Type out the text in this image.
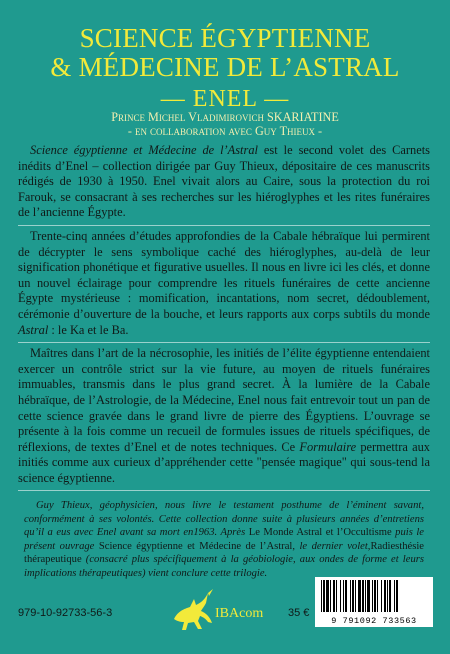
SCIENCE ÉGYPTIENNE
& MÉDECINE DE L’ASTRAL
— ENEL —
Prince Michel Vladimirovich SKARIATINE
- en collaboration avec Guy Thieux -

Science égyptienne et Médecine de l’Astral est le second volet des Carnets inédits d’Enel – collection dirigée par Guy Thieux, dépositaire de ces manuscrits rédigés de 1930 à 1950. Enel vivait alors au Caire, sous la protection du roi Farouk, se consacrant à ses recherches sur les hiéroglyphes et les rites funéraires de l’ancienne Égypte.

Trente-cinq années d’études approfondies de la Cabale hébraïque lui permirent de décrypter le sens symbolique caché des hiéroglyphes, au-delà de leur signification phonétique et figurative usuelles. Il nous en livre ici les clés, et donne un nouvel éclairage pour comprendre les rituels funéraires de cette ancienne Égypte mystérieuse : momification, incantations, nom secret, dédoublement, cérémonie d’ouverture de la bouche, et leurs rapports aux corps subtils du monde Astral : le Ka et le Ba.

Maîtres dans l’art de la nécrosophie, les initiés de l’élite égyptienne entendaient exercer un contrôle strict sur la vie future, au moyen de rituels funéraires immuables, transmis dans le plus grand secret. À la lumière de la Cabale hébraïque, de l’Astrologie, de la Médecine, Enel nous fait entrevoir tout un pan de cette science gravée dans le grand livre de pierre des Égyptiens. L’ouvrage se présente à la fois comme un recueil de formules issues de rituels spécifiques, de réflexions, de textes d’Enel et de notes techniques. Ce Formulaire permettra aux initiés comme aux curieux d’appréhender cette "pensée magique" qui sous-tend la science égyptienne.

Guy Thieux, géophysicien, nous livre le testament posthume de l’éminent savant, conformément à ses volontés. Cette collection donne suite à plusieurs années d’entretiens qu’il a eus avec Enel avant sa mort en1963. Après Le Monde Astral et l’Occultisme puis le présent ouvrage Science égyptienne et Médecine de l’Astral, le dernier volet,Radiesthésie thérapeutique (consacré plus spécifiquement à la géobiologie, aux ondes de forme et leurs implications thérapeutiques) vient conclure cette trilogie.

979-10-92733-56-3	IBAcom 35 €
9 791092 733563
